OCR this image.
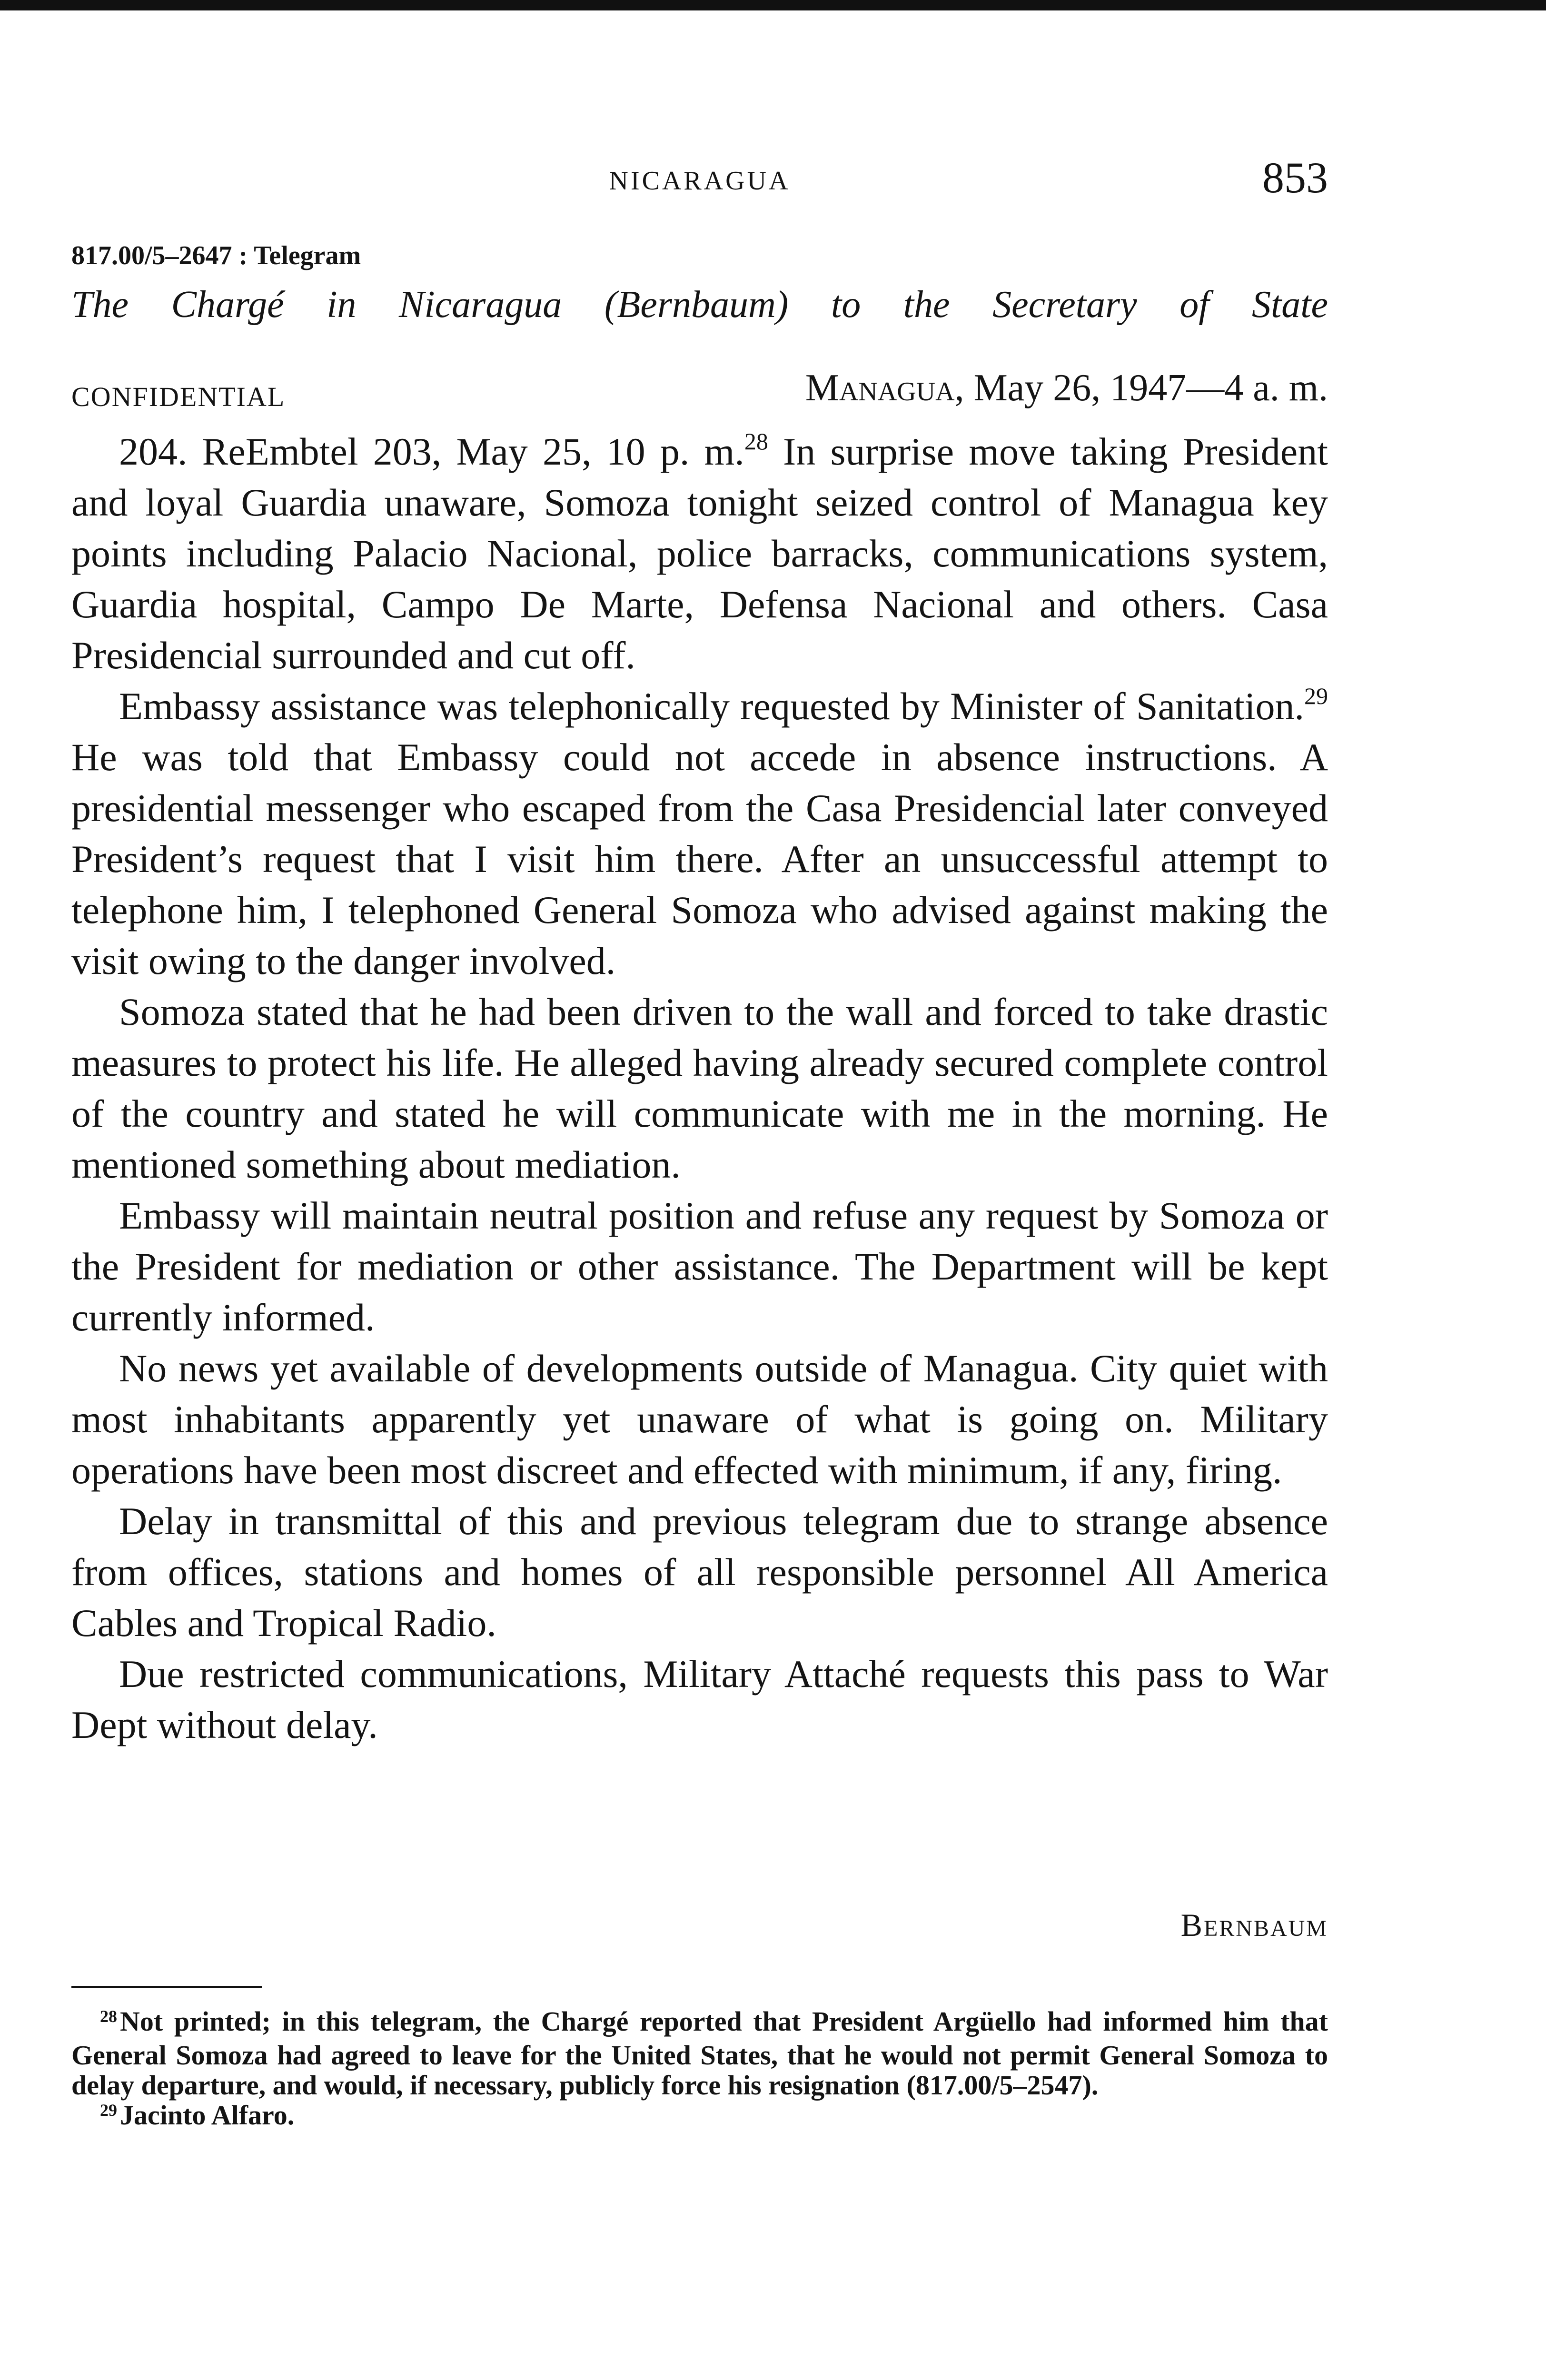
NICARAGUA	853
817.00/5–2647 : Telegram
The Chargé in Nicaragua (Bernbaum) to the Secretary of State
CONFIDENTIAL	Managua, May 26, 1947—4 a. m.

204. ReEmbtel 203, May 25, 10 p. m.$^{28}$ In surprise move taking President and loyal Guardia unaware, Somoza tonight seized control of Managua key points including Palacio Nacional, police barracks, communications system, Guardia hospital, Campo De Marte, Defensa Nacional and others. Casa Presidencial surrounded and cut off.

Embassy assistance was telephonically requested by Minister of Sanitation.$^{29}$ He was told that Embassy could not accede in absence instructions. A presidential messenger who escaped from the Casa Presidencial later conveyed President’s request that I visit him there. After an unsuccessful attempt to telephone him, I telephoned General Somoza who advised against making the visit owing to the danger involved.

Somoza stated that he had been driven to the wall and forced to take drastic measures to protect his life. He alleged having already secured complete control of the country and stated he will communicate with me in the morning. He mentioned something about mediation.

Embassy will maintain neutral position and refuse any request by Somoza or the President for mediation or other assistance. The Department will be kept currently informed.

No news yet available of developments outside of Managua. City quiet with most inhabitants apparently yet unaware of what is going on. Military operations have been most discreet and effected with minimum, if any, firing.

Delay in transmittal of this and previous telegram due to strange absence from offices, stations and homes of all responsible personnel All America Cables and Tropical Radio.

Due restricted communications, Military Attaché requests this pass to War Dept without delay.

Bernbaum

$^{28}$ Not printed; in this telegram, the Chargé reported that President Argüello had informed him that General Somoza had agreed to leave for the United States, that he would not permit General Somoza to delay departure, and would, if necessary, publicly force his resignation (817.00/5–2547).

$^{29}$ Jacinto Alfaro.
